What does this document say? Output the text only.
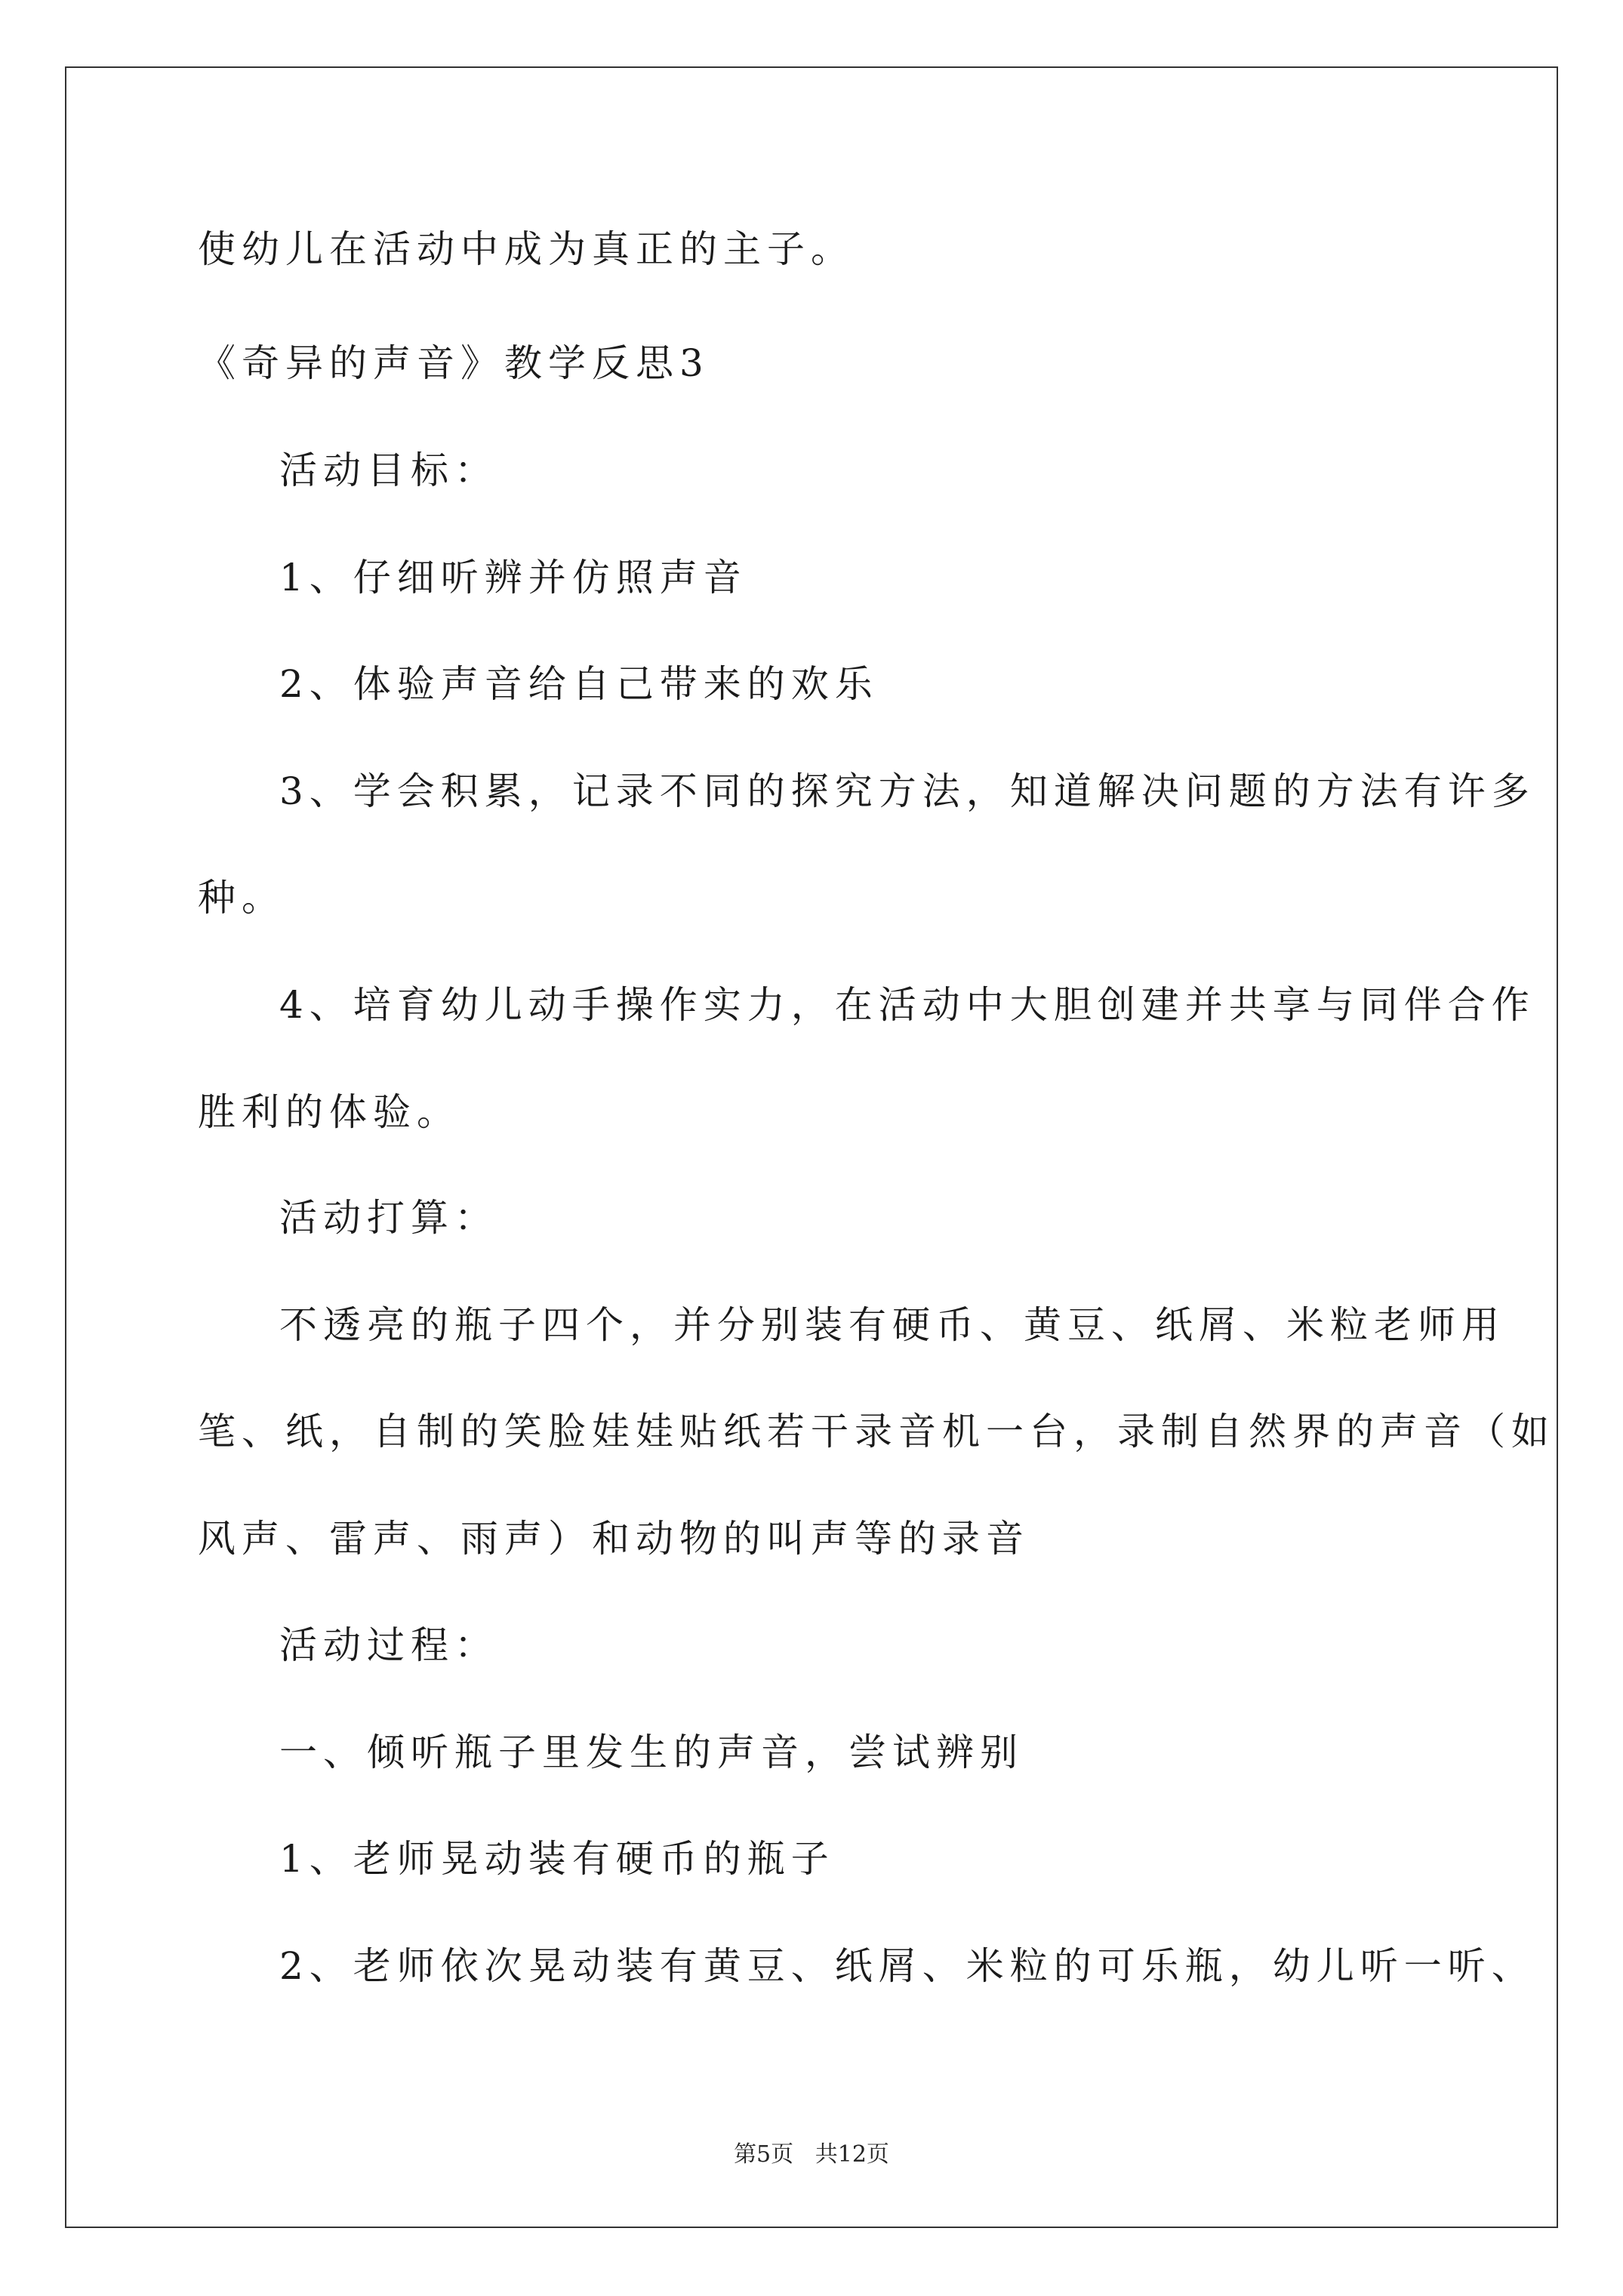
使幼儿在活动中成为真正的主子。
《奇异的声音》教学反思3
活动目标：
1、仔细听辨并仿照声音
2、体验声音给自己带来的欢乐
3、学会积累，记录不同的探究方法，知道解决问题的方法有许多
种。
4、培育幼儿动手操作实力，在活动中大胆创建并共享与同伴合作
胜利的体验。
活动打算：
不透亮的瓶子四个，并分别装有硬币、黄豆、纸屑、米粒老师用
笔、纸，自制的笑脸娃娃贴纸若干录音机一台，录制自然界的声音（如
风声、雷声、雨声）和动物的叫声等的录音
活动过程：
一、倾听瓶子里发生的声音，尝试辨别
1、老师晃动装有硬币的瓶子
2、老师依次晃动装有黄豆、纸屑、米粒的可乐瓶，幼儿听一听、
第5页   共12页
